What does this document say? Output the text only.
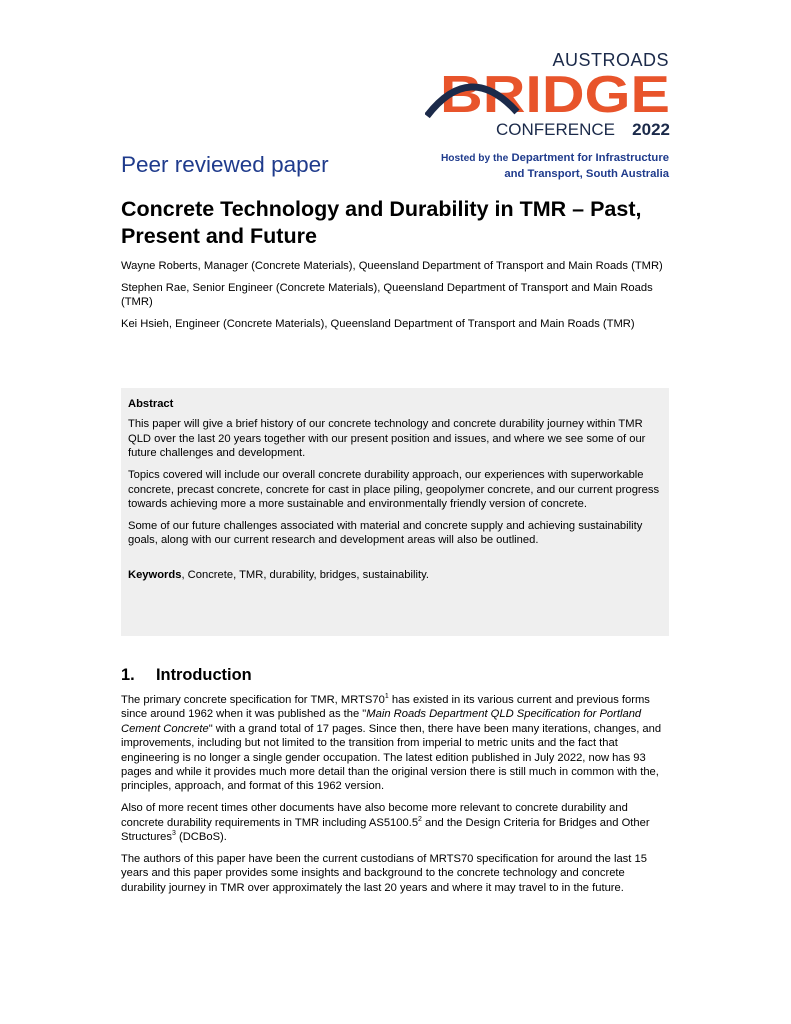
AUSTROADS
BRIDGE
CONFERENCE 2022
Peer reviewed paper	Hosted by the Department for Infrastructure
and Transport, South Australia
Concrete Technology and Durability in TMR – Past, Present and Future

Wayne Roberts, Manager (Concrete Materials), Queensland Department of Transport and Main Roads (TMR)

Stephen Rae, Senior Engineer (Concrete Materials), Queensland Department of Transport and Main Roads (TMR)

Kei Hsieh, Engineer (Concrete Materials), Queensland Department of Transport and Main Roads (TMR)

Abstract

This paper will give a brief history of our concrete technology and concrete durability journey within TMR QLD over the last 20 years together with our present position and issues, and where we see some of our future challenges and development.

Topics covered will include our overall concrete durability approach, our experiences with superworkable concrete, precast concrete, concrete for cast in place piling, geopolymer concrete, and our current progress towards achieving more a more sustainable and environmentally friendly version of concrete.

Some of our future challenges associated with material and concrete supply and achieving sustainability goals, along with our current research and development areas will also be outlined.

Keywords, Concrete, TMR, durability, bridges, sustainability.

1. Introduction

The primary concrete specification for TMR, $MRTS70^1$ has existed in its various current and previous forms since around 1962 when it was published as the "Main Roads Department QLD Specification for Portland Cement Concrete" with a grand total of 17 pages. Since then, there have been many iterations, changes, and improvements, including but not limited to the transition from imperial to metric units and the fact that engineering is no longer a single gender occupation. The latest edition published in July 2022, now has 93 pages and while it provides much more detail than the original version there is still much in common with the, principles, approach, and format of this 1962 version.

Also of more recent times other documents have also become more relevant to concrete durability and concrete durability requirements in TMR including AS5100.5$^2$ and the Design Criteria for Bridges and Other Structures$^3$ (DCBoS).

The authors of this paper have been the current custodians of MRTS70 specification for around the last 15 years and this paper provides some insights and background to the concrete technology and concrete durability journey in TMR over approximately the last 20 years and where it may travel to in the future.
